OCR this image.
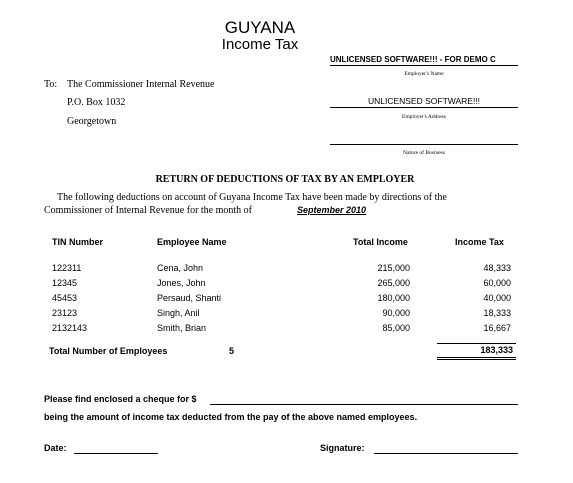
GUYANA
Income Tax
UNLICENSED SOFTWARE!!! - FOR DEMO C
Employer's Name
UNLICENSED SOFTWARE!!!
Employer's Address
Nature of Business
To: The Commissioner Internal Revenue
P.O. Box 1032
Georgetown
RETURN OF DEDUCTIONS OF TAX BY AN EMPLOYER
The following deductions on account of Guyana Income Tax have been made by directions of the
Commissioner of Internal Revenue for the month of	September 2010
TIN Number	Employee Name	Total Income	Income Tax
122311	Cena, John	215,000	48,333
12345	Jones, John	265,000	60,000
45453	Persaud, Shanti	180,000	40,000
23123	Singh, Anil	90,000	18,333
2132143	Smith, Brian	85,000	16,667
Total Number of Employees	5	183,333
Please find enclosed a cheque for $
being the amount of income tax deducted from the pay of the above named employees.
Date:	Signature:
